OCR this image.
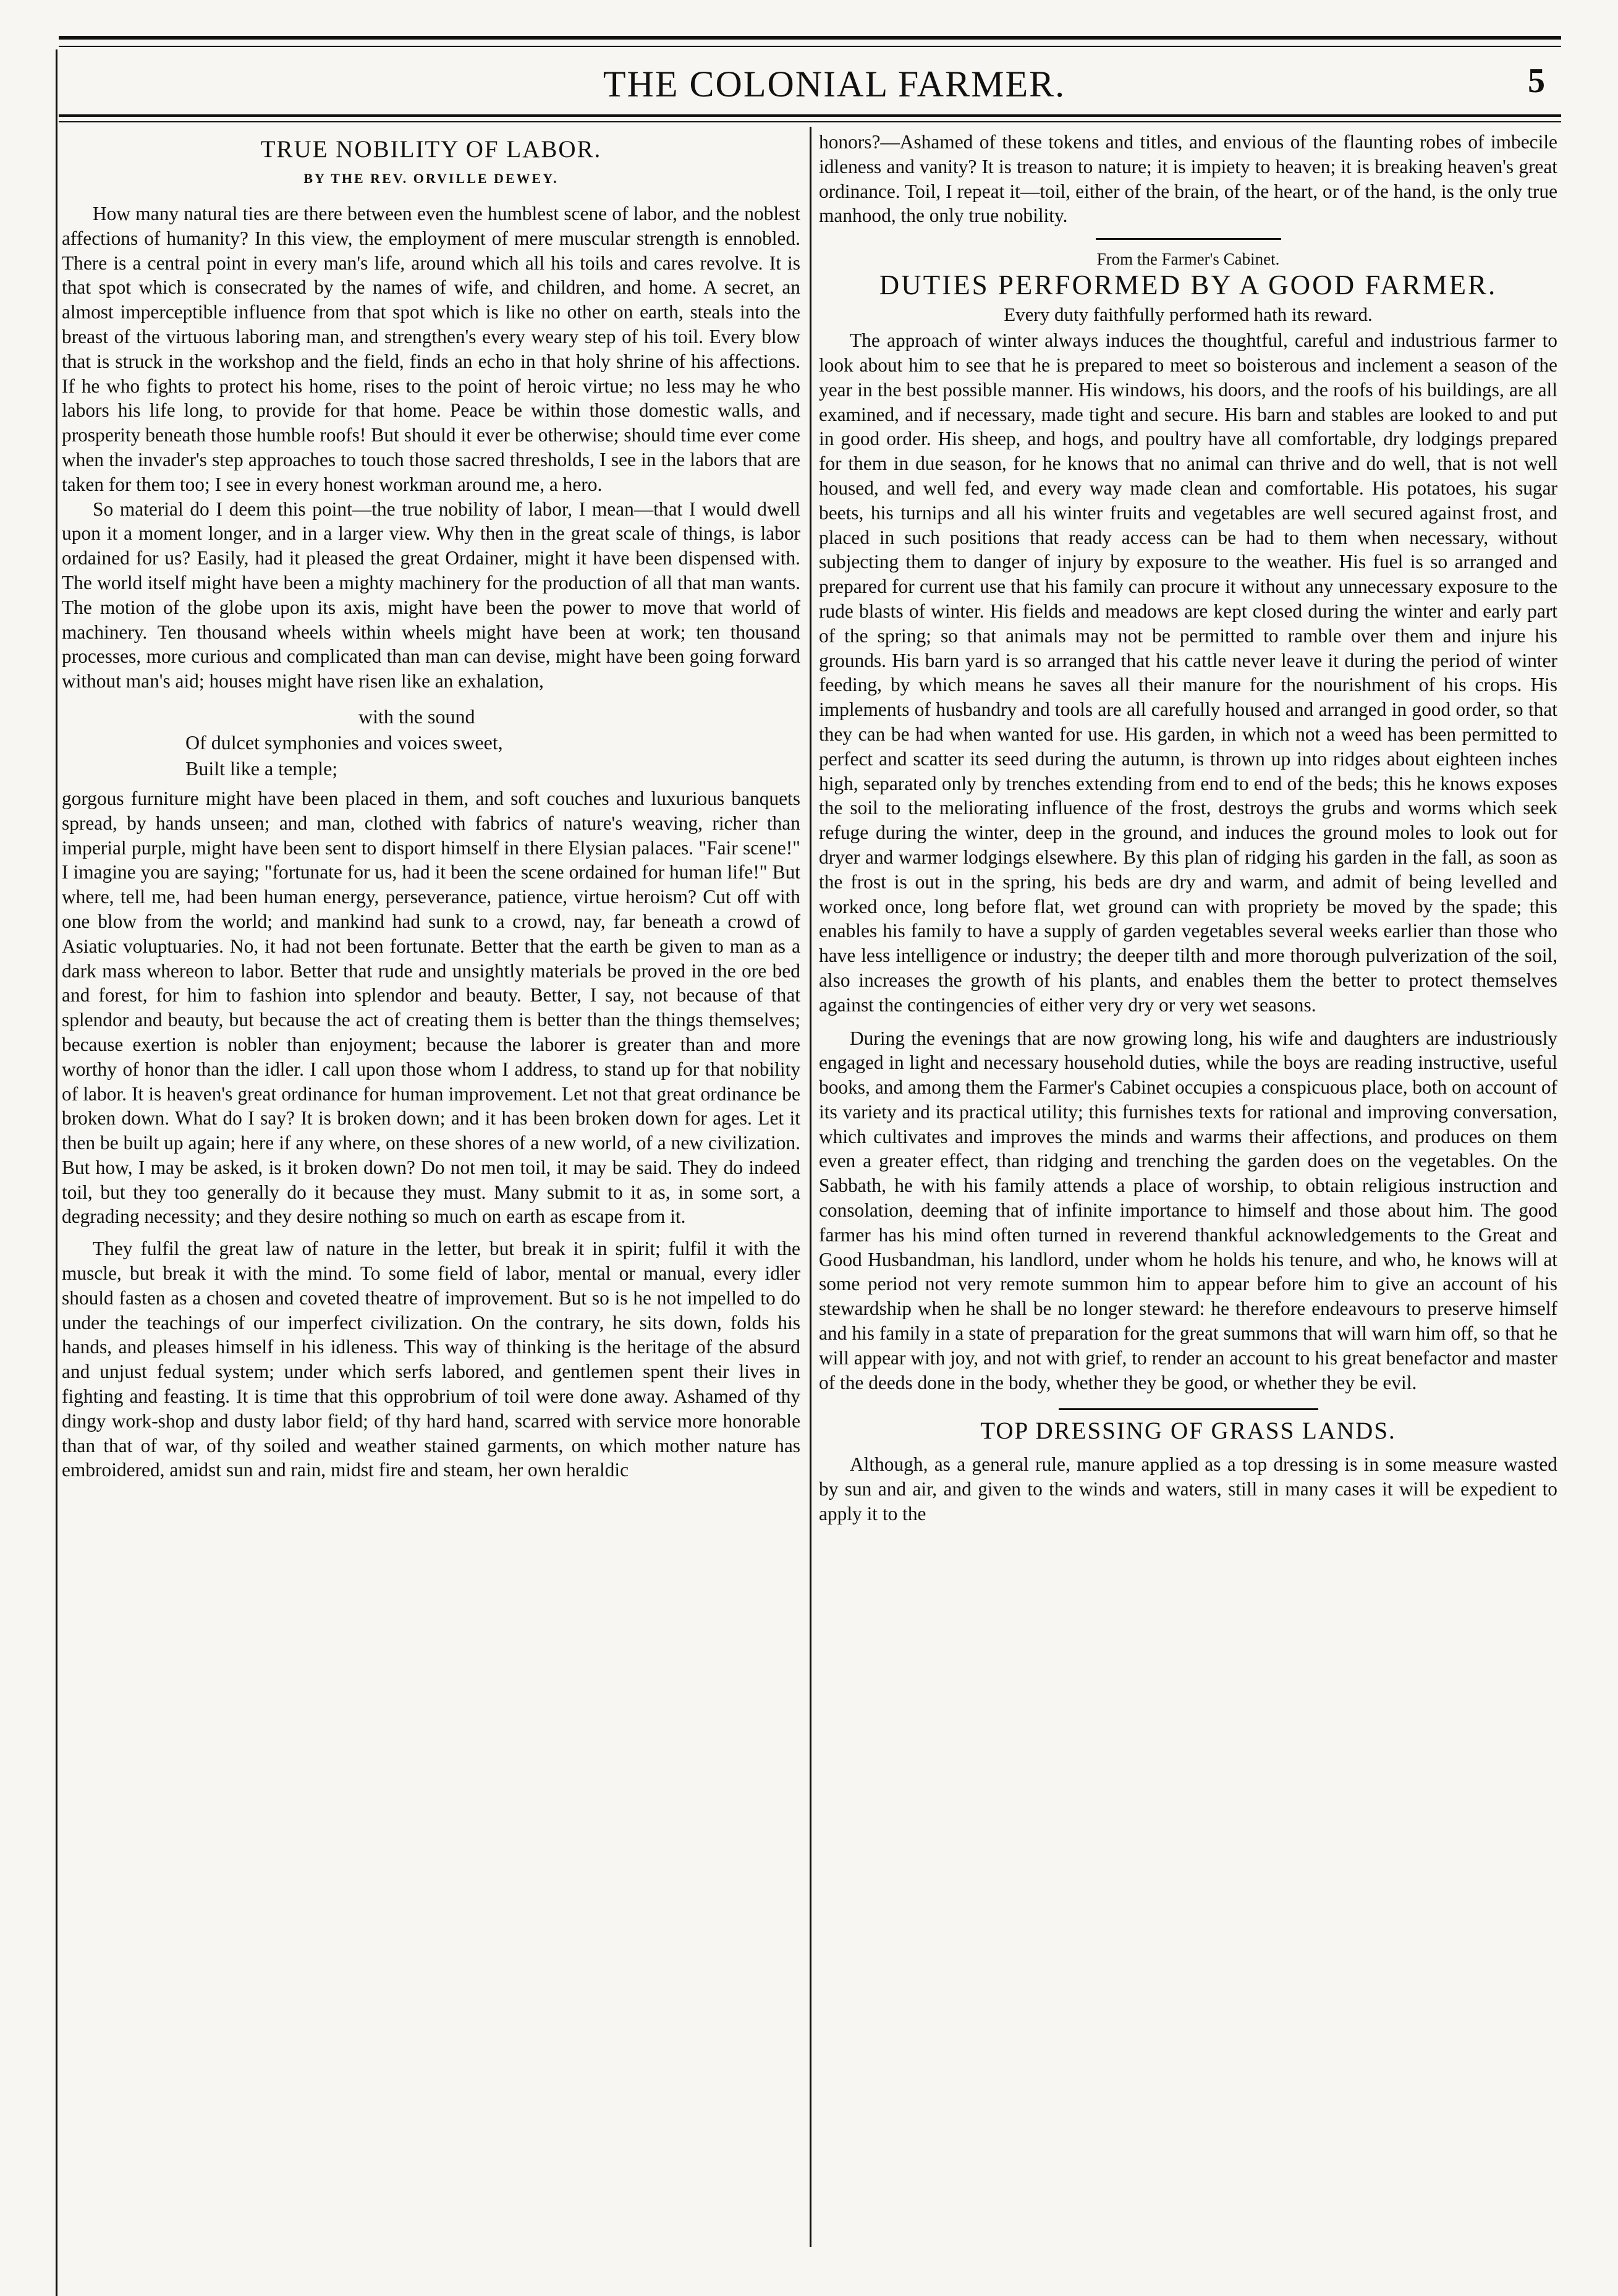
THE COLONIAL FARMER.	5
TRUE NOBILITY OF LABOR.
BY THE REV. ORVILLE DEWEY.

How many natural ties are there between even the humblest scene of labor, and the noblest affections of humanity? In this view, the employment of mere muscular strength is ennobled. There is a central point in every man's life, around which all his toils and cares revolve. It is that spot which is consecrated by the names of wife, and children, and home. A secret, an almost imperceptible influence from that spot which is like no other on earth, steals into the breast of the virtuous laboring man, and strengthen's every weary step of his toil. Every blow that is struck in the workshop and the field, finds an echo in that holy shrine of his affections. If he who fights to protect his home, rises to the point of heroic virtue; no less may he who labors his life long, to provide for that home. Peace be within those domestic walls, and prosperity beneath those humble roofs! But should it ever be otherwise; should time ever come when the invader's step approaches to touch those sacred thresholds, I see in the labors that are taken for them too; I see in every honest workman around me, a hero.

So material do I deem this point—the true nobility of labor, I mean—that I would dwell upon it a moment longer, and in a larger view. Why then in the great scale of things, is labor ordained for us? Easily, had it pleased the great Ordainer, might it have been dispensed with. The world itself might have been a mighty machinery for the production of all that man wants. The motion of the globe upon its axis, might have been the power to move that world of machinery. Ten thousand wheels within wheels might have been at work; ten thousand processes, more curious and complicated than man can devise, might have been going forward without man's aid; houses might have risen like an exhalation,

with the sound
Of dulcet symphonies and voices sweet,
Built like a temple;

gorgous furniture might have been placed in them, and soft couches and luxurious banquets spread, by hands unseen; and man, clothed with fabrics of nature's weaving, richer than imperial purple, might have been sent to disport himself in there Elysian palaces. "Fair scene!" I imagine you are saying; "fortunate for us, had it been the scene ordained for human life!" But where, tell me, had been human energy, perseverance, patience, virtue heroism? Cut off with one blow from the world; and mankind had sunk to a crowd, nay, far beneath a crowd of Asiatic voluptuaries. No, it had not been fortunate. Better that the earth be given to man as a dark mass whereon to labor. Better that rude and unsightly materials be proved in the ore bed and forest, for him to fashion into splendor and beauty. Better, I say, not because of that splendor and beauty, but because the act of creating them is better than the things themselves; because exertion is nobler than enjoyment; because the laborer is greater than and more worthy of honor than the idler. I call upon those whom I address, to stand up for that nobility of labor. It is heaven's great ordinance for human improvement. Let not that great ordinance be broken down. What do I say? It is broken down; and it has been broken down for ages. Let it then be built up again; here if any where, on these shores of a new world, of a new civilization. But how, I may be asked, is it broken down? Do not men toil, it may be said. They do indeed toil, but they too generally do it because they must. Many submit to it as, in some sort, a degrading necessity; and they desire nothing so much on earth as escape from it.

They fulfil the great law of nature in the letter, but break it in spirit; fulfil it with the muscle, but break it with the mind. To some field of labor, mental or manual, every idler should fasten as a chosen and coveted theatre of improvement. But so is he not impelled to do under the teachings of our imperfect civilization. On the contrary, he sits down, folds his hands, and pleases himself in his idleness. This way of thinking is the heritage of the absurd and unjust fedual system; under which serfs labored, and gentlemen spent their lives in fighting and feasting. It is time that this opprobrium of toil were done away. Ashamed of thy dingy work-shop and dusty labor field; of thy hard hand, scarred with service more honorable than that of war, of thy soiled and weather stained garments, on which mother nature has embroidered, amidst sun and rain, midst fire and steam, her own heraldic

honors?—Ashamed of these tokens and titles, and envious of the flaunting robes of imbecile idleness and vanity? It is treason to nature; it is impiety to heaven; it is breaking heaven's great ordinance. Toil, I repeat it—toil, either of the brain, of the heart, or of the hand, is the only true manhood, the only true nobility.

From the Farmer's Cabinet.
DUTIES PERFORMED BY A GOOD FARMER.
Every duty faithfully performed hath its reward.

The approach of winter always induces the thoughtful, careful and industrious farmer to look about him to see that he is prepared to meet so boisterous and inclement a season of the year in the best possible manner. His windows, his doors, and the roofs of his buildings, are all examined, and if necessary, made tight and secure. His barn and stables are looked to and put in good order. His sheep, and hogs, and poultry have all comfortable, dry lodgings prepared for them in due season, for he knows that no animal can thrive and do well, that is not well housed, and well fed, and every way made clean and comfortable. His potatoes, his sugar beets, his turnips and all his winter fruits and vegetables are well secured against frost, and placed in such positions that ready access can be had to them when necessary, without subjecting them to danger of injury by exposure to the weather. His fuel is so arranged and prepared for current use that his family can procure it without any unnecessary exposure to the rude blasts of winter. His fields and meadows are kept closed during the winter and early part of the spring; so that animals may not be permitted to ramble over them and injure his grounds. His barn yard is so arranged that his cattle never leave it during the period of winter feeding, by which means he saves all their manure for the nourishment of his crops. His implements of husbandry and tools are all carefully housed and arranged in good order, so that they can be had when wanted for use. His garden, in which not a weed has been permitted to perfect and scatter its seed during the autumn, is thrown up into ridges about eighteen inches high, separated only by trenches extending from end to end of the beds; this he knows exposes the soil to the meliorating influence of the frost, destroys the grubs and worms which seek refuge during the winter, deep in the ground, and induces the ground moles to look out for dryer and warmer lodgings elsewhere. By this plan of ridging his garden in the fall, as soon as the frost is out in the spring, his beds are dry and warm, and admit of being levelled and worked once, long before flat, wet ground can with propriety be moved by the spade; this enables his family to have a supply of garden vegetables several weeks earlier than those who have less intelligence or industry; the deeper tilth and more thorough pulverization of the soil, also increases the growth of his plants, and enables them the better to protect themselves against the contingencies of either very dry or very wet seasons.

During the evenings that are now growing long, his wife and daughters are industriously engaged in light and necessary household duties, while the boys are reading instructive, useful books, and among them the Farmer's Cabinet occupies a conspicuous place, both on account of its variety and its practical utility; this furnishes texts for rational and improving conversation, which cultivates and improves the minds and warms their affections, and produces on them even a greater effect, than ridging and trenching the garden does on the vegetables. On the Sabbath, he with his family attends a place of worship, to obtain religious instruction and consolation, deeming that of infinite importance to himself and those about him. The good farmer has his mind often turned in reverend thankful acknowledgements to the Great and Good Husbandman, his landlord, under whom he holds his tenure, and who, he knows will at some period not very remote summon him to appear before him to give an account of his stewardship when he shall be no longer steward: he therefore endeavours to preserve himself and his family in a state of preparation for the great summons that will warn him off, so that he will appear with joy, and not with grief, to render an account to his great benefactor and master of the deeds done in the body, whether they be good, or whether they be evil.

TOP DRESSING OF GRASS LANDS.

Although, as a general rule, manure applied as a top dressing is in some measure wasted by sun and air, and given to the winds and waters, still in many cases it will be expedient to apply it to the
